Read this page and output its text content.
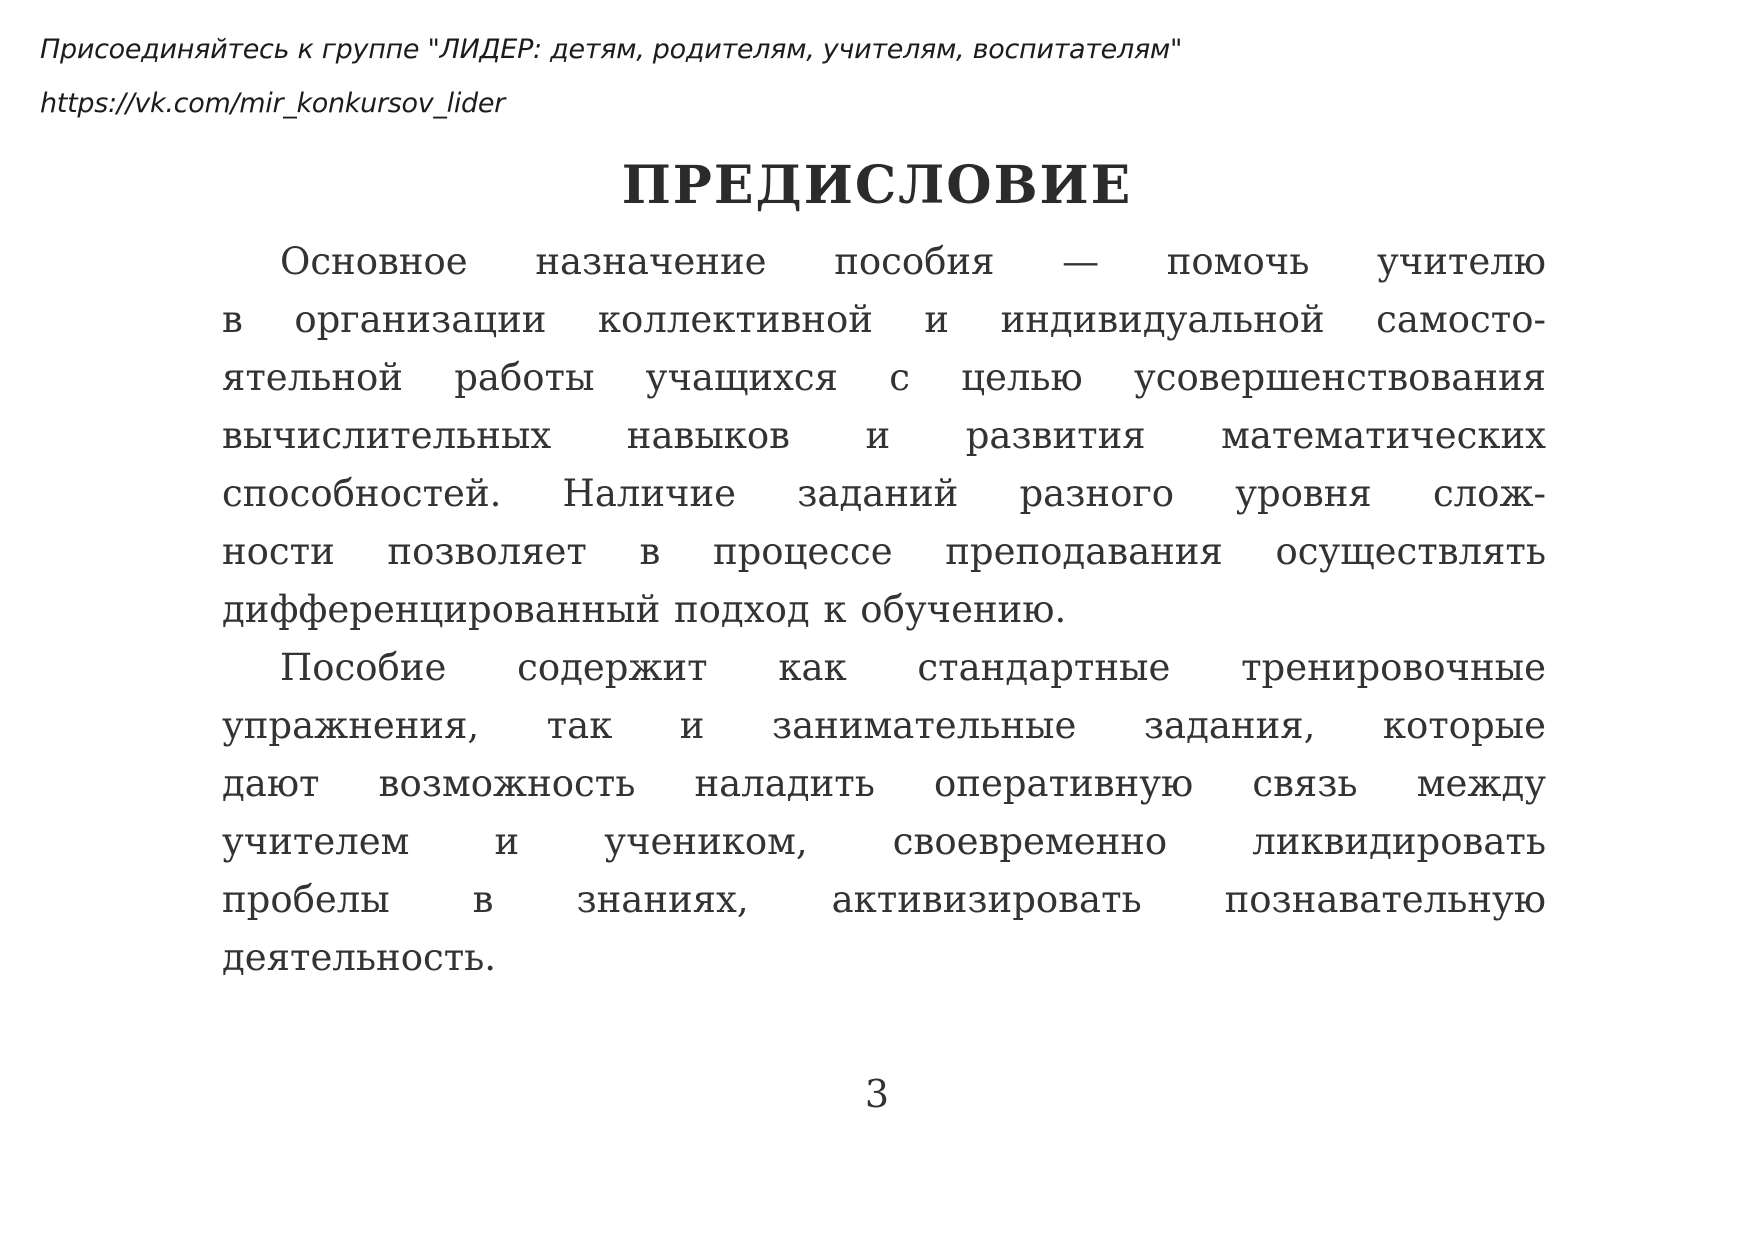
Присоединяйтесь к группе "ЛИДЕР: детям, родителям, учителям, воспитателям"
https://vk.com/mir_konkursov_lider
ПРЕДИСЛОВИЕ

Основное назначение пособия — помочь учителю
в организации коллективной и индивидуальной самосто-
ятельной работы учащихся с целью усовершенствования
вычислительных навыков и развития математических
способностей. Наличие заданий разного уровня слож-
ности позволяет в процессе преподавания осуществлять
дифференцированный подход к обучению.

Пособие содержит как стандартные тренировочные
упражнения, так и занимательные задания, которые
дают возможность наладить оперативную связь между
учителем и учеником, своевременно ликвидировать
пробелы в знаниях, активизировать познавательную
деятельность.

3
